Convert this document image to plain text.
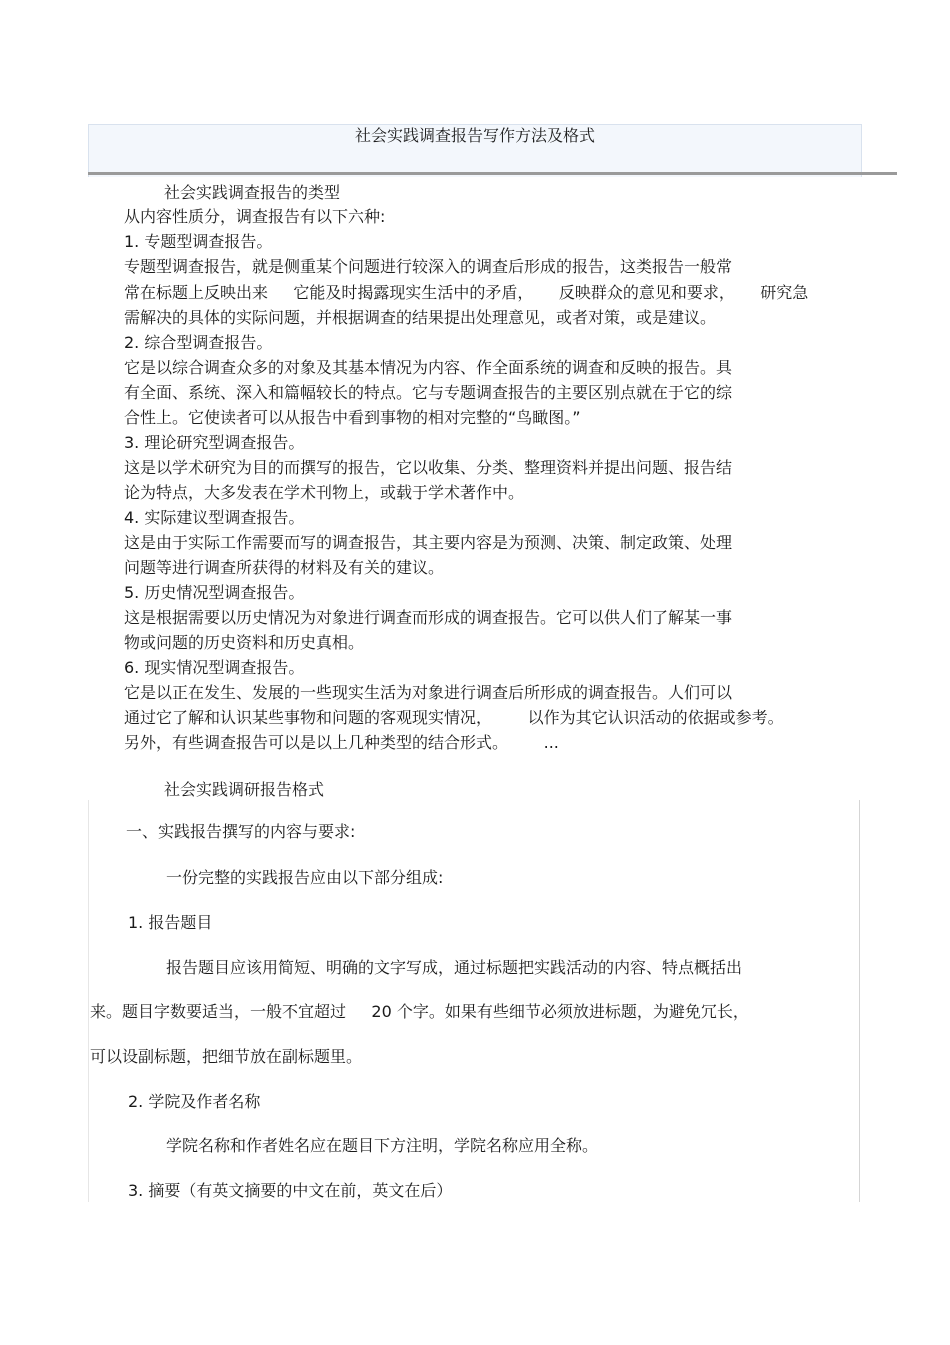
社会实践调查报告写作方法及格式
社会实践调查报告的类型
从内容性质分，调查报告有以下六种:
1. 专题型调查报告。
专题型调查报告，就是侧重某个问题进行较深入的调查后形成的报告，这类报告一般常
常在标题上反映出来     它能及时揭露现实生活中的矛盾，     反映群众的意见和要求，     研究急
需解决的具体的实际问题，并根据调查的结果提出处理意见，或者对策，或是建议。
2. 综合型调查报告。
它是以综合调查众多的对象及其基本情况为内容、作全面系统的调查和反映的报告。具
有全面、系统、深入和篇幅较长的特点。它与专题调查报告的主要区别点就在于它的综
合性上。它使读者可以从报告中看到事物的相对完整的“鸟瞰图。”
3. 理论研究型调查报告。
这是以学术研究为目的而撰写的报告，它以收集、分类、整理资料并提出问题、报告结
论为特点，大多发表在学术刊物上，或载于学术著作中。
4. 实际建议型调查报告。
这是由于实际工作需要而写的调查报告，其主要内容是为预测、决策、制定政策、处理
问题等进行调查所获得的材料及有关的建议。
5. 历史情况型调查报告。
这是根据需要以历史情况为对象进行调查而形成的调查报告。它可以供人们了解某一事
物或问题的历史资料和历史真相。
6. 现实情况型调查报告。
它是以正在发生、发展的一些现实生活为对象进行调查后所形成的调查报告。人们可以
通过它了解和认识某些事物和问题的客观现实情况，       以作为其它认识活动的依据或参考。
另外，有些调查报告可以是以上几种类型的结合形式。       ...
社会实践调研报告格式
一、实践报告撰写的内容与要求:
一份完整的实践报告应由以下部分组成:
1. 报告题目
报告题目应该用简短、明确的文字写成，通过标题把实践活动的内容、特点概括出
来。题目字数要适当，一般不宜超过     20 个字。如果有些细节必须放进标题，为避免冗长，
可以设副标题，把细节放在副标题里。
2. 学院及作者名称
学院名称和作者姓名应在题目下方注明，学院名称应用全称。
3. 摘要（有英文摘要的中文在前，英文在后）
